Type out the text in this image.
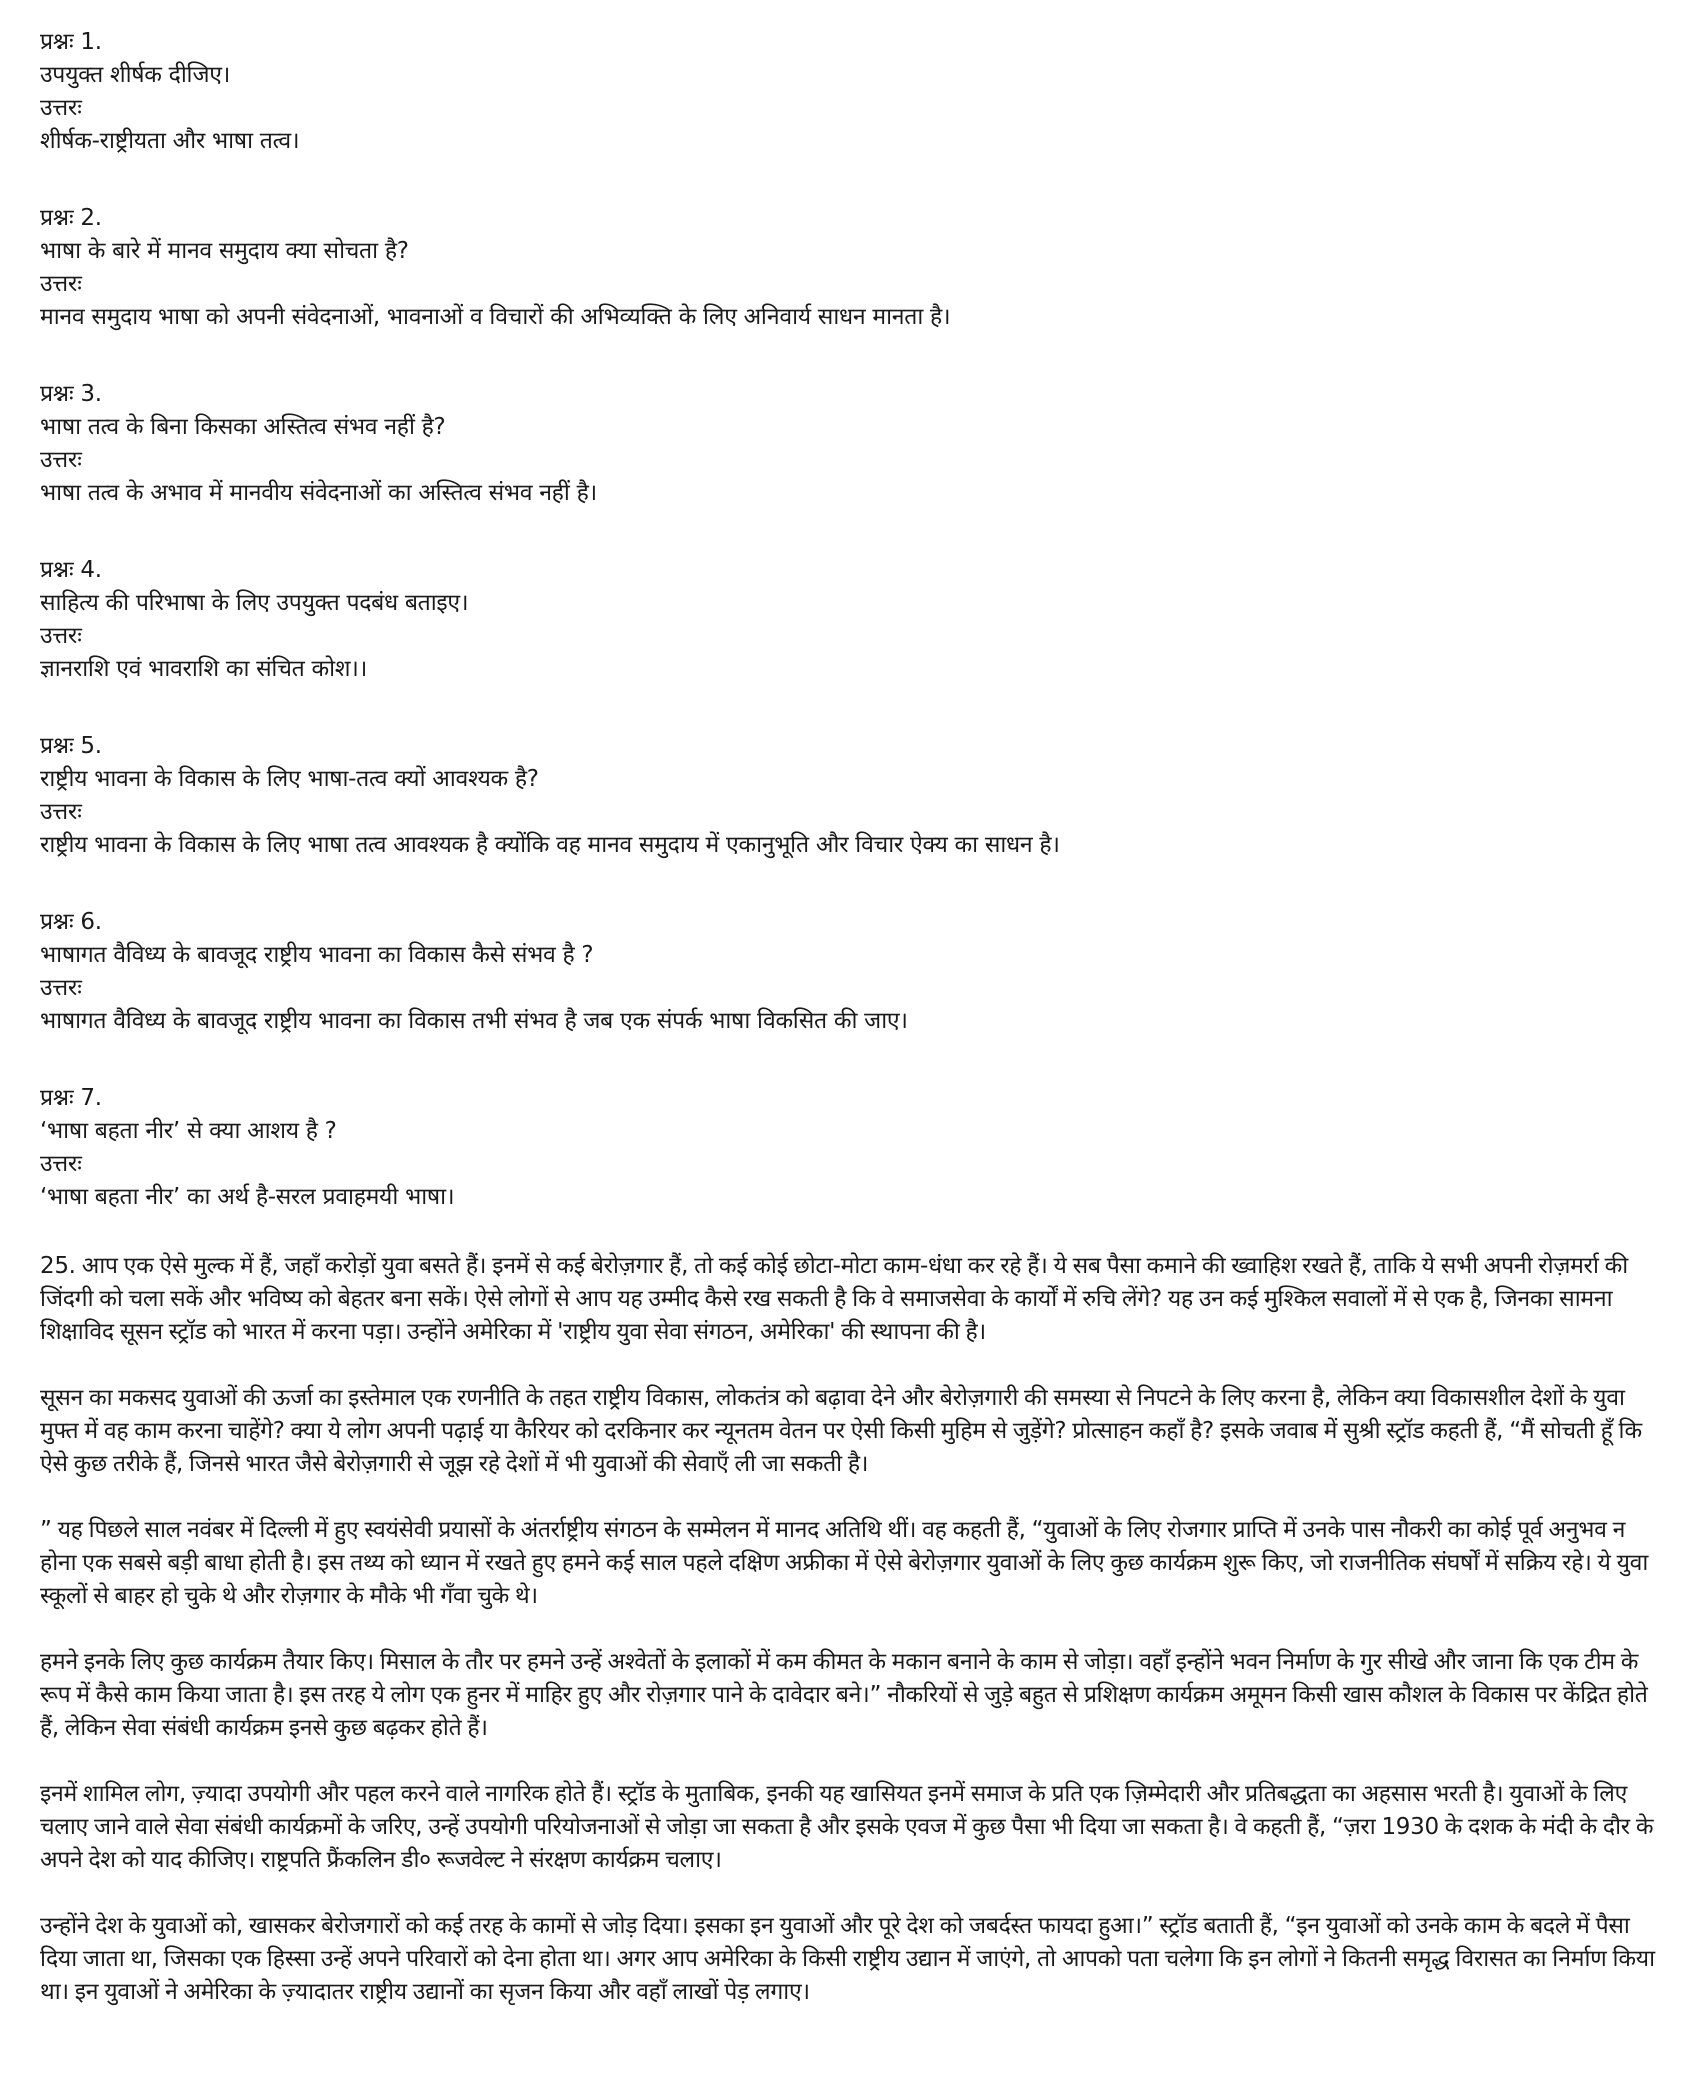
प्रश्नः 1.
उपयुक्त शीर्षक दीजिए।
उत्तरः
शीर्षक-राष्ट्रीयता और भाषा तत्व।
प्रश्नः 2.
भाषा के बारे में मानव समुदाय क्या सोचता है?
उत्तरः
मानव समुदाय भाषा को अपनी संवेदनाओं, भावनाओं व विचारों की अभिव्यक्ति के लिए अनिवार्य साधन मानता है।
प्रश्नः 3.
भाषा तत्व के बिना किसका अस्तित्व संभव नहीं है?
उत्तरः
भाषा तत्व के अभाव में मानवीय संवेदनाओं का अस्तित्व संभव नहीं है।
प्रश्नः 4.
साहित्य की परिभाषा के लिए उपयुक्त पदबंध बताइए।
उत्तरः
ज्ञानराशि एवं भावराशि का संचित कोश।।
प्रश्नः 5.
राष्ट्रीय भावना के विकास के लिए भाषा-तत्व क्यों आवश्यक है?
उत्तरः
राष्ट्रीय भावना के विकास के लिए भाषा तत्व आवश्यक है क्योंकि वह मानव समुदाय में एकानुभूति और विचार ऐक्य का साधन है।
प्रश्नः 6.
भाषागत वैविध्य के बावजूद राष्ट्रीय भावना का विकास कैसे संभव है ?
उत्तरः
भाषागत वैविध्य के बावजूद राष्ट्रीय भावना का विकास तभी संभव है जब एक संपर्क भाषा विकसित की जाए।
प्रश्नः 7.
‘भाषा बहता नीर’ से क्या आशय है ?
उत्तरः
‘भाषा बहता नीर’ का अर्थ है-सरल प्रवाहमयी भाषा।

25. आप एक ऐसे मुल्क में हैं, जहाँ करोड़ों युवा बसते हैं। इनमें से कई बेरोज़गार हैं, तो कई कोई छोटा-मोटा काम-धंधा कर रहे हैं। ये सब पैसा कमाने की ख्वाहिश रखते हैं, ताकि ये सभी अपनी रोज़मर्रा की जिंदगी को चला सकें और भविष्य को बेहतर बना सकें। ऐसे लोगों से आप यह उम्मीद कैसे रख सकती है कि वे समाजसेवा के कार्यों में रुचि लेंगे? यह उन कई मुश्किल सवालों में से एक है, जिनका सामना शिक्षाविद सूसन स्ट्रॉड को भारत में करना पड़ा। उन्होंने अमेरिका में 'राष्ट्रीय युवा सेवा संगठन, अमेरिका' की स्थापना की है।

सूसन का मकसद युवाओं की ऊर्जा का इस्तेमाल एक रणनीति के तहत राष्ट्रीय विकास, लोकतंत्र को बढ़ावा देने और बेरोज़गारी की समस्या से निपटने के लिए करना है, लेकिन क्या विकासशील देशों के युवा मुफ्त में वह काम करना चाहेंगे? क्या ये लोग अपनी पढ़ाई या कैरियर को दरकिनार कर न्यूनतम वेतन पर ऐसी किसी मुहिम से जुड़ेंगे? प्रोत्साहन कहाँ है? इसके जवाब में सुश्री स्ट्रॉड कहती हैं, “मैं सोचती हूँ कि ऐसे कुछ तरीके हैं, जिनसे भारत जैसे बेरोज़गारी से जूझ रहे देशों में भी युवाओं की सेवाएँ ली जा सकती है।

” यह पिछले साल नवंबर में दिल्ली में हुए स्वयंसेवी प्रयासों के अंतर्राष्ट्रीय संगठन के सम्मेलन में मानद अतिथि थीं। वह कहती हैं, “युवाओं के लिए रोजगार प्राप्ति में उनके पास नौकरी का कोई पूर्व अनुभव न होना एक सबसे बड़ी बाधा होती है। इस तथ्य को ध्यान में रखते हुए हमने कई साल पहले दक्षिण अफ्रीका में ऐसे बेरोज़गार युवाओं के लिए कुछ कार्यक्रम शुरू किए, जो राजनीतिक संघर्षों में सक्रिय रहे। ये युवा स्कूलों से बाहर हो चुके थे और रोज़गार के मौके भी गँवा चुके थे।

हमने इनके लिए कुछ कार्यक्रम तैयार किए। मिसाल के तौर पर हमने उन्हें अश्वेतों के इलाकों में कम कीमत के मकान बनाने के काम से जोड़ा। वहाँ इन्होंने भवन निर्माण के गुर सीखे और जाना कि एक टीम के रूप में कैसे काम किया जाता है। इस तरह ये लोग एक हुनर में माहिर हुए और रोज़गार पाने के दावेदार बने।” नौकरियों से जुड़े बहुत से प्रशिक्षण कार्यक्रम अमूमन किसी खास कौशल के विकास पर केंद्रित होते हैं, लेकिन सेवा संबंधी कार्यक्रम इनसे कुछ बढ़कर होते हैं।

इनमें शामिल लोग, ज़्यादा उपयोगी और पहल करने वाले नागरिक होते हैं। स्ट्रॉड के मुताबिक, इनकी यह खासियत इनमें समाज के प्रति एक ज़िम्मेदारी और प्रतिबद्धता का अहसास भरती है। युवाओं के लिए चलाए जाने वाले सेवा संबंधी कार्यक्रमों के जरिए, उन्हें उपयोगी परियोजनाओं से जोड़ा जा सकता है और इसके एवज में कुछ पैसा भी दिया जा सकता है। वे कहती हैं, “ज़रा 1930 के दशक के मंदी के दौर के अपने देश को याद कीजिए। राष्ट्रपति फ्रैंकलिन डी० रूजवेल्ट ने संरक्षण कार्यक्रम चलाए।

उन्होंने देश के युवाओं को, खासकर बेरोजगारों को कई तरह के कामों से जोड़ दिया। इसका इन युवाओं और पूरे देश को जबर्दस्त फायदा हुआ।” स्ट्रॉड बताती हैं, “इन युवाओं को उनके काम के बदले में पैसा दिया जाता था, जिसका एक हिस्सा उन्हें अपने परिवारों को देना होता था। अगर आप अमेरिका के किसी राष्ट्रीय उद्यान में जाएंगे, तो आपको पता चलेगा कि इन लोगों ने कितनी समृद्ध विरासत का निर्माण किया था। इन युवाओं ने अमेरिका के ज़्यादातर राष्ट्रीय उद्यानों का सृजन किया और वहाँ लाखों पेड़ लगाए।
